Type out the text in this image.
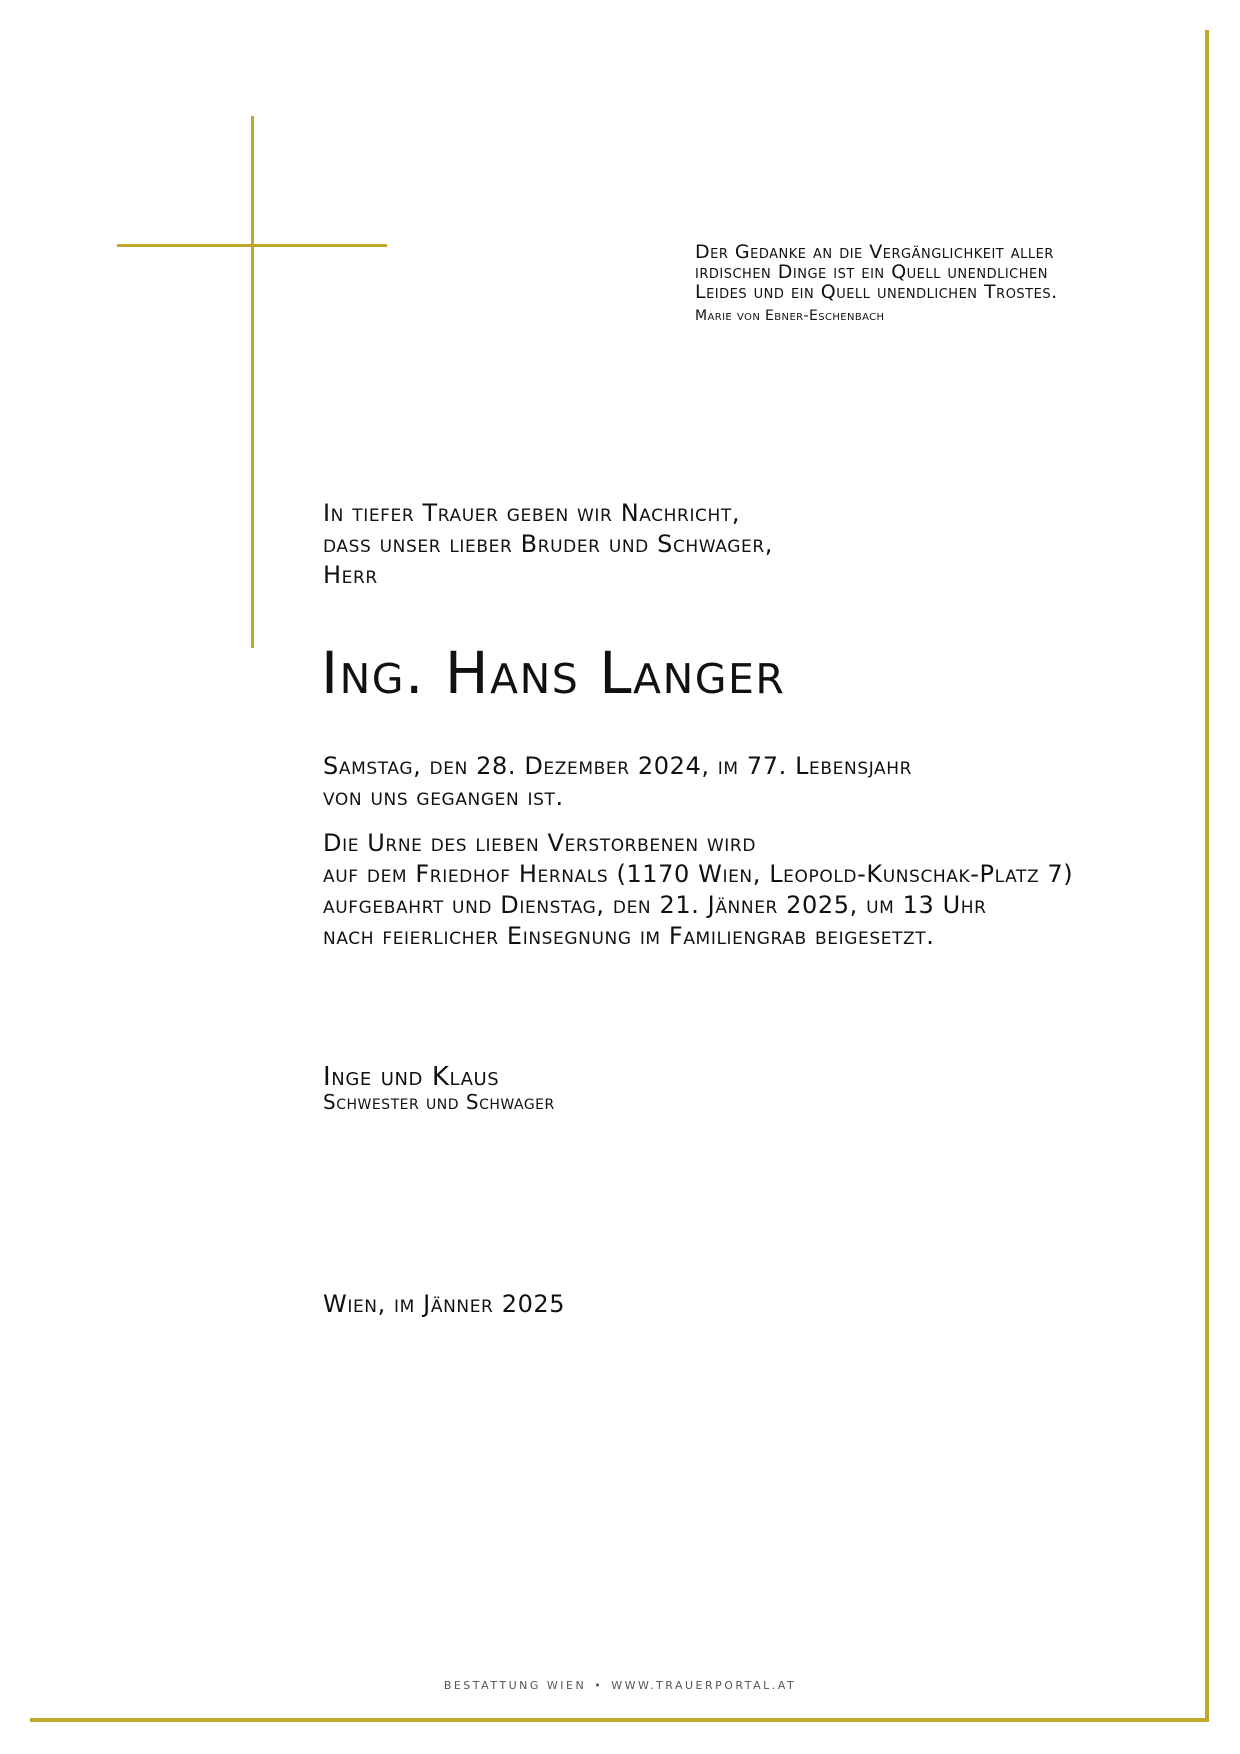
Der Gedanke an die Vergänglichkeit aller
irdischen Dinge ist ein Quell unendlichen
Leides und ein Quell unendlichen Trostes.
Marie von Ebner-Eschenbach
In tiefer Trauer geben wir Nachricht,
dass unser lieber Bruder und Schwager,
Herr
Ing. Hans Langer
Samstag, den 28. Dezember 2024, im 77. Lebensjahr
von uns gegangen ist.
Die Urne des lieben Verstorbenen wird
auf dem Friedhof Hernals (1170 Wien, Leopold-Kunschak-Platz 7)
aufgebahrt und Dienstag, den 21. Jänner 2025, um 13 Uhr
nach feierlicher Einsegnung im Familiengrab beigesetzt.
Inge und Klaus
Schwester und Schwager
Wien, im Jänner 2025
BESTATTUNG WIEN • WWW.TRAUERPORTAL.AT
